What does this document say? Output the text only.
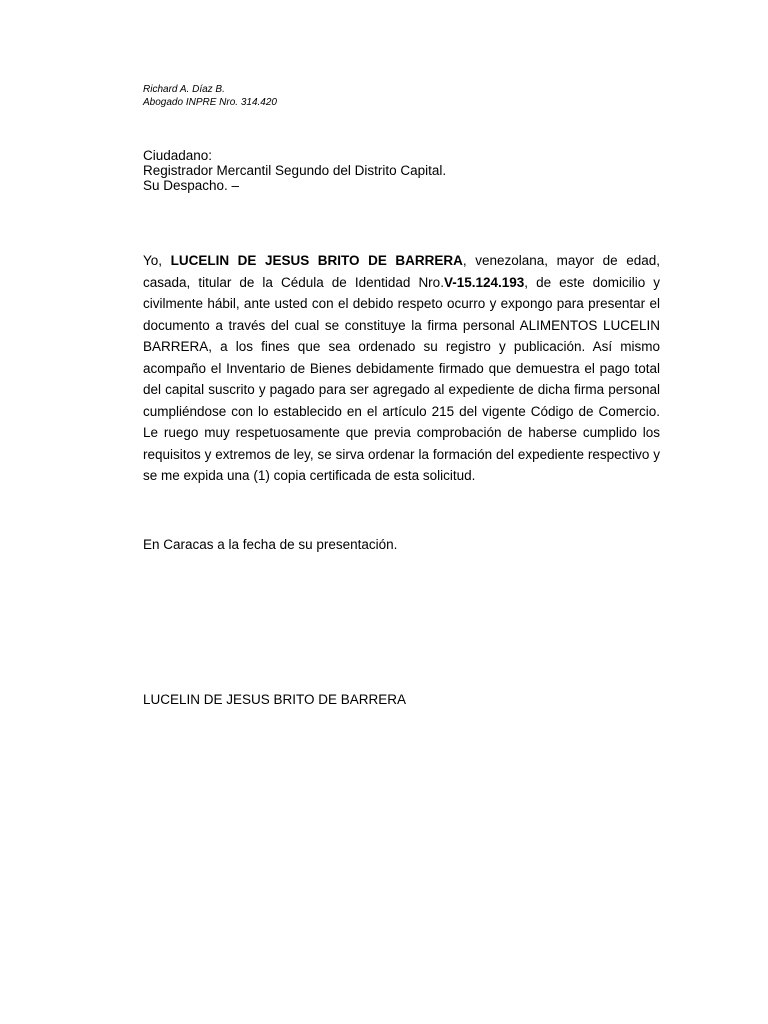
Richard A. Díaz B.
Abogado INPRE Nro. 314.420
Ciudadano:
Registrador Mercantil Segundo del Distrito Capital.
Su Despacho. –

Yo, LUCELIN DE JESUS BRITO DE BARRERA, venezolana, mayor de edad, casada, titular de la Cédula de Identidad Nro.V-15.124.193, de este domicilio y civilmente hábil, ante usted con el debido respeto ocurro y expongo para presentar el documento a través del cual se constituye la firma personal ALIMENTOS LUCELIN BARRERA, a los fines que sea ordenado su registro y publicación. Así mismo acompaño el Inventario de Bienes debidamente firmado que demuestra el pago total del capital suscrito y pagado para ser agregado al expediente de dicha firma personal cumpliéndose con lo establecido en el artículo 215 del vigente Código de Comercio. Le ruego muy respetuosamente que previa comprobación de haberse cumplido los requisitos y extremos de ley, se sirva ordenar la formación del expediente respectivo y se me expida una (1) copia certificada de esta solicitud.

En Caracas a la fecha de su presentación.

LUCELIN DE JESUS BRITO DE BARRERA
